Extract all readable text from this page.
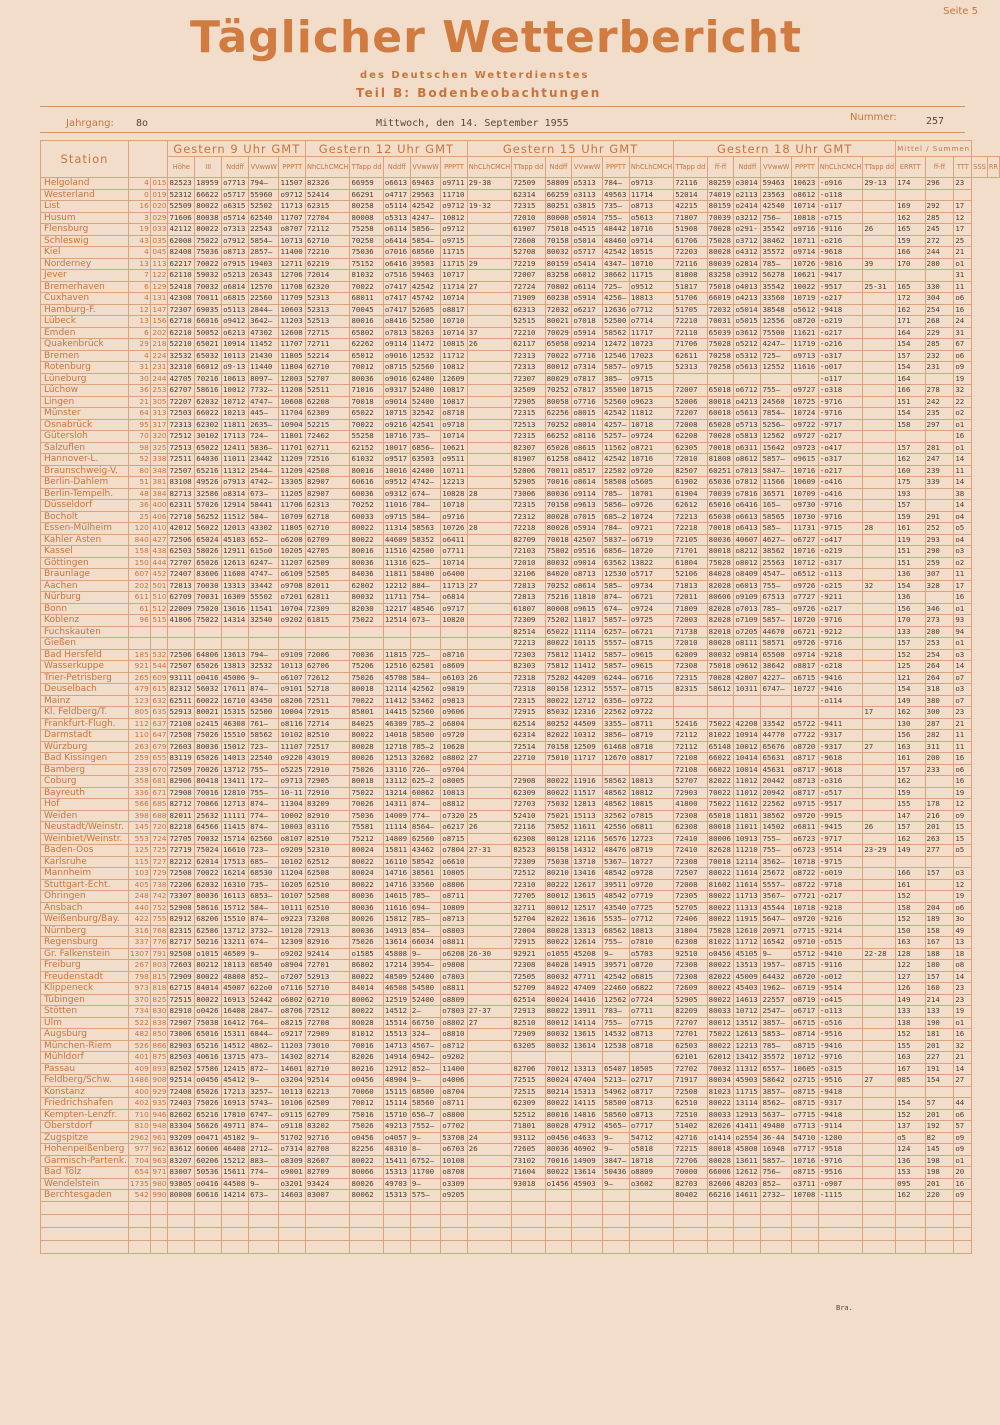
Seite 5
Täglicher Wetterbericht
des Deutschen Wetterdienstes
Teil B: Bodenbeobachtungen
Jahrgang: 8o	Mittwoch, den 14. September 1955
Nummer:	257
Station			Gestern 9 Uhr GMT					Gestern 12 Uhr GMT					Gestern 15 Uhr GMT						Gestern 18 Uhr GMT							Mittel / Summen				
			Höhe	III	Nddff	VVwwW	PPPTT	NhCLhCMCH	TTapp dd	Nddff	VVwwW	PPPTT	NhCLhCMCH	TTapp dd	Nddff	VVwwW	PPPTT	NhCLhCMCH	TTapp dd	ff-ff	Nddff	VVwwW	PPPTT	NhCLhCMCH	TTapp dd	ERRTT	ff-ff	TTT	SSS	RR
Helgoland	4	015	82523	18959	o7713	794—	11507	82326	66959	o6613	69463	o9711	29-38	72509	58809	o5313	784—	o9713	72116	80259	o3014	59463	10623	-o916	29-13	174	296	23		
Westerland	0	019	52312	66622	o5717	55960	o9712	52414	66291	o4717	29563	11710		62314	66259	o3113	49563	11714	52014	74019	o2113	23563	o8612	-o118						
List	16	020	52509	80022	o6315	52502	11713	62315	80258	o5114	42542	o9712	19-32	72315	80251	o3815	735—	o8713	42215	80159	o2414	42540	10714	-o117		169	292	17		
Husum	3	029	71606	80038	o5714	62540	11707	72704	80008	o5313	4247—	10812		72010	80000	o5014	755—	o5613	71807	70039	o3212	756—	10818	-o715		162	285	12		
Flensburg	19	033	42112	80022	o7313	22543	o8707	72112	75258	o6114	5856—	o9712		61907	75018	o4515	48442	10716	51908	70028	o291-	35542	o9716	-9116	26	165	245	17		
Schleswig	43	035	62008	75022	o7912	5854—	10713	62710	70258	o6414	5854—	o9715		72608	70158	o5014	48460	o9714	61706	75028	o3712	38462	10711	-o216		159	272	25		
Kiel	4	045	82408	75036	o8713	2857—	11400	72210	75036	o7016	68560	11715		52708	80032	o5717	42542	10515	72203	80028	o4312	35572	o9714	-9618		166	244	21		
Norderney	13	113	62217	70022	o7915	19403	12711	62219	75152	o6416	39503	11715	29	72219	80159	o5414	4347—	10710	72116	80039	o2814	785—	10726	-9816	39	170	280	o1		
Jever	7	122	62110	59032	o5213	26343	12706	72014	81032	o7516	59463	10717		72007	83258	o6012	38662	11715	81808	83258	o3912	56278	10621	-9417				31		
Bremerhaven	6	129	52418	70032	o6814	12570	11708	62320	70022	o7417	42542	11714	27	72724	70802	o6114	725—	o9512	51817	75018	o4013	35542	10022	-9517	25-31	165	330	11		
Cuxhaven	4	131	42308	70011	o6815	22560	11709	52313	68011	o7417	45742	10714		71909	60238	o5914	4256—	10813	51706	66019	o4213	33560	10719	-o217		172	304	o6		
Hamburg-F.	12	147	72307	69035	o5113	2844—	10603	52313	70045	o7417	52605	o8817		62313	72032	o6217	12636	o7712	51705	72032	o5014	38548	o5612	-9418		162	254	16		
Lübeck	13	156	62710	66016	o9412	3642—	11203	52513	80016	o8416	52500	10710		52515	80021	o7018	52500	o7714	72210	70031	o5015	12556	o8720	-o219		171	268	24		
Emden	6	202	62210	50052	o6213	47302	12608	72715	65802	o7813	58263	10714	37	72210	70029	o5914	58562	11717	72110	65039	o3612	75500	11621	-o217		164	229	31		
Quakenbrück	29	218	52210	65021	10914	11452	11707	72711	62262	o9114	11472	10815	26	62117	65058	o9214	12472	10723	71706	75028	o5212	4247—	11719	-o216		154	285	67		
Bremen	4	224	32532	65032	10113	21430	11805	52214	65012	o9016	12532	11712		72313	70022	o7716	12546	17023	62611	70258	o5312	725—	o9713	-o317		157	232	o6		
Rotenburg	31	231	32310	66012	o9-13	11440	11804	62710	70012	o8715	52560	10812		72313	80012	o7314	5857—	o9715	52313	70258	o5613	12552	11616	-o017		154	231	o9		
Lüneburg	30	244	42705	70216	10613	8097—	12003	52707	80036	o9016	62400	12609		72307	80029	o7817	385—	o9715						-o117		164		19		
Lüchow	36	253	62707	58616	10012	7732—	11208	52511	71016	o9317	52400	10817		32509	70252	o7817	35500	10715	72007	65018	o6712	755—	o9727	-o318		166	278	32		
Lingen	21	305	72207	62032	10712	4747—	10608	62208	70018	o9014	52400	10817		72905	80058	o7716	52560	o9623	52006	80018	o4213	24560	10725	-9716		151	242	22		
Münster	64	313	72503	66022	10213	445—	11704	62309	65022	10715	32542	o8718		72315	62256	o8015	42542	11812	72207	60018	o5613	7854—	10724	-9716		154	235	o2		
Osnabrück	95	317	72313	62302	11811	2635—	10904	52215	70022	o9216	42541	o9718		72513	70252	o8014	4257—	10718	72008	65028	o5713	5256—	o9722	-9717		158	297	o1		
Gütersloh	70	320	72512	30102	17113	724—	11801	72462	55258	10716	735—	10714		72315	66252	o8116	5257—	o9724	62208	70028	o5813	12562	o9727	-o217				16		
Salzuflen	98	325	72513	65022	12411	5836—	11701	62711	62152	10017	6856—	10621		82307	65028	o8615	11562	o8721	62305	70018	o6311	15642	o9723	-o417		157	281	o1		
Hannover-L.	52	338	72511	64036	11011	23442	11209	72516	61032	o9517	63503	o9511		81907	61258	o8412	42542	10716	72010	81808	o8612	5857—	o9615	-o317		162	247	14		
Braunschweig-V.	80	348	72507	65216	11312	2544—	11209	42508	80016	10016	42400	10711		52006	70011	o8517	22502	o9720	82507	60251	o7013	5847—	10716	-o217		160	239	11		
Berlin-Dahlem	51	381	83108	49526	o7913	4742—	13305	82907	60616	o9512	4742—	12213		52905	70016	o8614	58508	o5605	61902	65036	o7812	11566	10609	-o416		175	339	14		
Berlin-Tempelh.	48	384	82713	32586	o8314	673—	11205	82907	60036	o9312	674—	10828	28	73006	80036	o9114	785—	10701	61904	70039	o7816	36571	10709	-o416		193		38		
Düsseldorf	36	400	62311	57026	12914	58441	11706	62313	70252	11016	784—	10718		72315	70158	o9613	5856—	o9726	62612	65016	o6416	165—	o9730	-9716		157		14		
Bocholt	25	406	72710	56252	11512	584—	10709	62718	60033	o9715	584—	o9716		72312	80028	o7015	685—2	10724	72213	65038	o6613	58565	10730	-9716		159	291	o4		
Essen-Mülheim	120	410	42012	56022	12013	43302	11805	62710	80022	11314	58563	10726	28	72218	80028	o5914	784—	o9721	72218	70018	o6413	585—	11731	-9715	28	161	252	o5		
Kahler Asten	840	427	72506	65024	45103	652—	o6208	62709	80022	44609	58352	o6411		82709	70018	42507	5837—	o6719	72105	80036	40607	4627—	o6727	-o417		119	293	o4		
Kassel	158	438	62503	58026	12911	615o0	10205	42705	80016	11516	42500	o7711		72103	75802	o9516	6856—	10720	71701	80018	o8212	38562	10716	-o219		151	290	o3		
Göttingen	150	444	72707	65026	12613	6247—	11207	62509	80036	11316	625—	10714		72010	80032	o9014	63562	13822	61804	75028	o8012	25563	10712	-o317		151	259	o2		
Braunlage	607	452	72407	83606	11608	4747—	o6109	52505	84036	11811	58400	o6400		32106	84020	o8713	12530	o5717	52106	84028	o8409	4547—	o6512	-o113		136	307	11		
Aachen	202	501	72813	70030	13313	33442	o9708	82011	62802	12212	884—	11713	27	72813	70252	o8614	585—	o9734	71813	82028	o6013	755—	o9726	-o215	32	154	328	17		
Nürburg	611	510	62709	70031	16309	55502	o7201	62811	80032	11711	754—	o6814		72813	75216	11810	874—	o6721	72011	80606	o9109	67513	o7727	-9211		136		16		
Bonn	61	512	22009	75020	13616	11541	10704	72309	82030	12217	48546	o9717		61807	80008	o9615	674—	o9724	71809	82028	o7013	785—	o9726	-o217		156	346	o1		
Koblenz	96	515	41806	75022	14314	32540	o9202	61815	75022	12514	673—	10820		72309	75202	11017	5857—	o9725	72003	82028	o7109	5857—	10720	-9716		170	273	93		
Fuchskauten														82514	65022	11114	6257—	o6721	71738	82018	o7205	44670	o6721	-9212		133	280	94		
Gießen														72213	80022	10115	5557—	o8715	72010	80028	o8111	58571	o9726	-9716		157	253	o1		
Bad Hersfeld	185	532	72506	64806	13613	794—	o9109	72006	70036	11815	725—	o8716		72303	75812	11412	5857—	o9615	62009	80032	o9814	65500	o9714	-9218		152	254	o3		
Wasserkuppe	921	544	72507	65026	13813	32532	10113	62706	75206	12516	62501	o8609		82303	75812	11412	5857—	o9615	72308	75018	o9612	38642	o8817	-o218		125	264	14		
Trier-Petrisberg	265	609	93111	o0416	45006	9—	o6107	72612	75026	45708	584—	o6103	26	72318	75202	44209	6244—	o6716	72315	70028	42807	4227—	o6715	-9416		121	264	o7		
Deuselbach	479	615	82312	56032	17611	874—	o9101	52718	80018	12114	42562	o9819		72318	80158	12312	5557—	o8715	82315	58612	10311	6747—	10727	-9416		154	318	o3		
Mainz	123	632	62511	60022	16710	43450	o8206	72511	70022	11412	53462	o9813		72315	80022	12712	6356—	o9722						-o114		149	380	o7		
Kl. Feldberg/T.	805	635	52913	80021	15315	52500	10004	72915	85801	14415	52560	o9606		72915	85032	12316	22562	o9722							17	162	300	23		
Frankfurt-Flugh.	112	637	72108	o2415	46308	761—	o8116	72714	84025	46309	785—2	o6804		62514	80252	44509	3355—	o8711	52416	75022	42208	33542	o5722	-9411		130	287	21		
Darmstadt	110	647	72508	75026	15510	58562	10102	82510	80022	14018	58500	o9720		62314	82022	10312	3856—	o8719	72112	81022	10914	44770	o7722	-9317		156	282	11		
Würzburg	263	679	72603	80036	15012	723—	11107	72517	80028	12718	785—2	10628		72514	70158	12509	61468	o8718	72112	65148	10012	65676	o8720	-9317	27	163	311	11		
Bad Kissingen	259	655	83119	65026	14013	22540	o9220	43019	80026	12513	32602	o8802	27	22710	75010	11717	12670	o8817	72108	66022	10414	65631	o8717	-9618		161	200	16		
Bamberg	239	670	72509	70026	13712	755—	o5225	72910	75026	13116	726—	o9704							72108	66022	10014	45631	o8717	-9618		157	233	o6		
Coburg	358	681	82906	80418	13411	172—	o9713	72905	80018	13112	625—2	o8005		72908	80022	11916	58562	10813	52707	82022	11012	20442	o8713	-o316		162		16		
Bayreuth	336	671	72908	70016	12810	755—	10-11	72910	75022	13214	60862	10813		62309	80022	11517	48562	10812	72903	70022	11012	20942	o8717	-o517		159		19		
Hof	566	685	82712	70066	12713	874—	11304	83209	70026	14311	874—	o8812		72703	75032	12813	48562	10815	41800	75022	11612	22562	o9715	-9517		155	178	12		
Weiden	398	688	82011	25632	11111	774—	10002	82910	75036	14009	774—	o7320	25	52410	75021	15113	32562	o7815	72308	65018	11811	38562	o9720	-9915		147	216	o9		
Neustadt/Weinstr.	145	720	82218	64566	11415	874—	10003	83116	75581	11114	8564—	o6217	26	72116	75052	11611	42556	o6811	62308	80018	11011	14502	o6811	-9415	26	157	201	15		
Weinbiet/Weinstr.	553	724	72705	70032	15714	62560	o8107	82510	75212	14809	62560	o8715		62308	80128	12116	56576	12723	72410	80006	10913	755—	o6723	-9717		162	263	15		
Baden-Oos	125	725	72719	75024	16610	723—	o9209	52310	80024	15811	43462	o7804	27-31	82523	80158	14312	48476	o8719	72410	82628	11210	755—	o6723	-9514	23-29	149	277	o5		
Karlsruhe	115	727	82212	62014	17513	685—	10102	62512	80022	16110	58542	o6610		72309	75038	13710	5367—	10727	72308	70018	12114	3562—	10718	-9715						
Mannheim	103	729	72508	70022	16214	68530	11204	62508	80024	14716	38561	10805		72512	80210	13416	48542	o9728	72507	80022	11614	25672	o8722	-o019		166	157	o3		
Stuttgart-Echt.	405	738	72206	62032	16310	735—	10205	62510	80022	14716	33560	o8806		72310	80222	12617	39511	o9720	72008	81602	11614	5557—	o8722	-9718		161		12		
Öhringen	248	742	73307	80036	16113	6853—	10107	52508	80036	14615	785—	o8711		72705	80012	13615	48542	o7719	72305	80022	11713	3567—	o7721	-o217		152		19		
Ansbach	440	752	52908	58616	15712	584—	10111	62510	80036	11616	694—	10809		32711	80012	12517	43540	o7725	52705	80022	11313	45544	10718	-9218		158	204	o6		
Weißenburg/Bay.	422	755	82912	68206	15510	874—	o9223	73208	80026	15812	785—	o8713		52704	82022	13616	5535—	o7712	72406	80022	11915	5647—	o9720	-9216		152	189	3o		
Nürnberg	316	768	82315	62586	13712	3732—	10120	72913	80036	14913	854—	o8803		72004	80028	13313	68562	10813	31804	75028	12610	20971	o7715	-9214		150	158	49		
Regensburg	337	776	82717	50216	13211	674—	12309	82916	75026	13614	66034	o8811		72915	80022	12614	755—	o7810	62308	81022	11712	16542	o9710	-o515		163	167	13		
Gr. Falkenstein	1307	791	92508	o1015	46509	9—	o9202	92414	o1585	45808	9—	o6208	26-30	92921	o1055	45208	9—	o5703	92510	o0456	45105	9—	o5712	-9410	22-28	128	188	18		
Freiburg	267	803	72603	80212	18113	68540	o8904	72701	86802	17214	3954—	o9808		72308	84028	14915	39571	o8720	72308	80022	13513	1957—	o8715	-9116		122	180	o8		
Freudenstadt	798	815	72909	80022	48808	852—	o7207	52913	80022	48509	52400	o7803		72505	80032	47711	42542	o6815	72308	82022	45009	64432	o6720	-o012		127	157	14		
Klippeneck	973	818	62715	84014	45007	622o0	o7116	52710	84014	46508	54580	o8811		52709	84022	47409	22460	o6822	72609	80022	45403	1962—	o6719	-9514		126	160	23		
Tübingen	370	825	72515	80022	16913	52442	o6802	62710	80062	12519	52400	o8809		62514	80024	14416	12562	o7724	52905	80022	14613	22557	o8719	-o415		149	214	23		
Stötten	734	830	82910	o0426	16408	2847—	o8706	72512	80022	14512	2—	o7803	27-37	72913	80022	13911	783—	o7711	82209	80033	10712	2547—	o6717	-o113		133	133	19		
Ulm	522	838	72907	75038	16412	764—	o8215	72708	80028	15514	66750	o8802	27	82510	80012	14114	755—	o7715	72707	80012	13512	3857—	o6715	-o516		138	190	o1		
Augsburg	482	850	73006	65016	15311	6844—	o9217	72909	81012	15513	324—	o8810		72909	80032	13615	14532	o8713	72701	75022	12613	5853—	o8714	-9516		152	181	16		
München-Riem	526	866	82903	65216	14512	4862—	11203	73010	70016	14713	4567—	o8712		63205	80032	13614	12538	o8718	62503	80022	12213	785—	o8715	-9416		155	201	32		
Mühldorf	401	875	82503	40616	13715	473—	14302	82714	82026	14914	6942—	o9202							62101	62012	13412	35572	10712	-9716		163	227	21		
Passau	409	893	82502	57586	12415	872—	14601	82710	80216	12912	852—	11400		82706	70012	13313	65407	10505	72702	70032	11312	6557—	10605	-o315		167	191	14		
Feldberg/Schw.	1486	908	92514	o0456	45412	9—	o3204	92514	o0456	48904	9—	o4006		72515	80024	47404	5213—	o2717	71917	80034	45903	58642	o2715	-9516	27	085	154	27		
Konstanz	400	929	72408	65026	17213	3257—	10113	62213	70060	15115	68500	o8704		72515	80214	15313	54962	o8717	72508	81023	11715	3857—	o8715	-9418						
Friedrichshafen	402	935	72403	75026	16913	5743—	10106	62509	70012	15114	58560	o8711		62309	80022	14115	58500	o8713	62510	80022	13114	8562—	o8715	-9317		154	57	44		
Kempten-Lenzfr.	710	946	82602	65216	17810	6747—	o9115	62709	75016	15710	656—7	o8800		52512	80016	14816	58560	o8713	72510	80033	12913	5637—	o7715	-9418		152	201	o6		
Oberstdorf	810	948	83304	56626	49711	874—	o9118	83202	75026	49213	7552—	o7702		71801	80028	47912	4565—	o7717	51402	82026	41411	49480	o7713	-9114		137	192	57		
Zugspitze	2962	961	93209	o0471	45102	9—	51702	92716	o0456	o4057	9—	53708	24	93112	o0456	o4633	9—	54712	42716	o1414	o2554	36-44	54710	-1200		o5	82	o9		
Hohenpeißenberg	977	962	83612	60606	46408	2712—	o7314	82708	82256	48310	8—	o6703	26	72605	80036	46902	9—	o5818	72215	80018	45808	16948	o7717	-9518		124	145	o9		
Garmisch-Partenk.	704	963	83207	60206	15212	883—	o8309	82607	80022	15411	6752—	10108		73102	70016	14909	3847—	10718	72706	80028	13611	5857—	10716	-9716		136	198	o1		
Bad Tölz	654	971	83007	50536	15611	774—	o9001	82709	80066	15313	11700	o8708		71604	80022	13614	50436	o8809	70000	66006	12612	756—	o8715	-9516		153	198	20		
Wendelstein	1735	980	93805	o0416	44508	9—	o3201	93424	80026	49703	9—	o3309		93018	o1456	45903	9—	o3602	82703	82606	48203	852—	o3711	-o907		095	201	16		
Berchtesgaden	542	990	80000	60616	14214	673—	14603	83007	80062	15313	575—	o9205							80402	66216	14611	2732—	10708	-1115		162	220	o9		

Bra.
